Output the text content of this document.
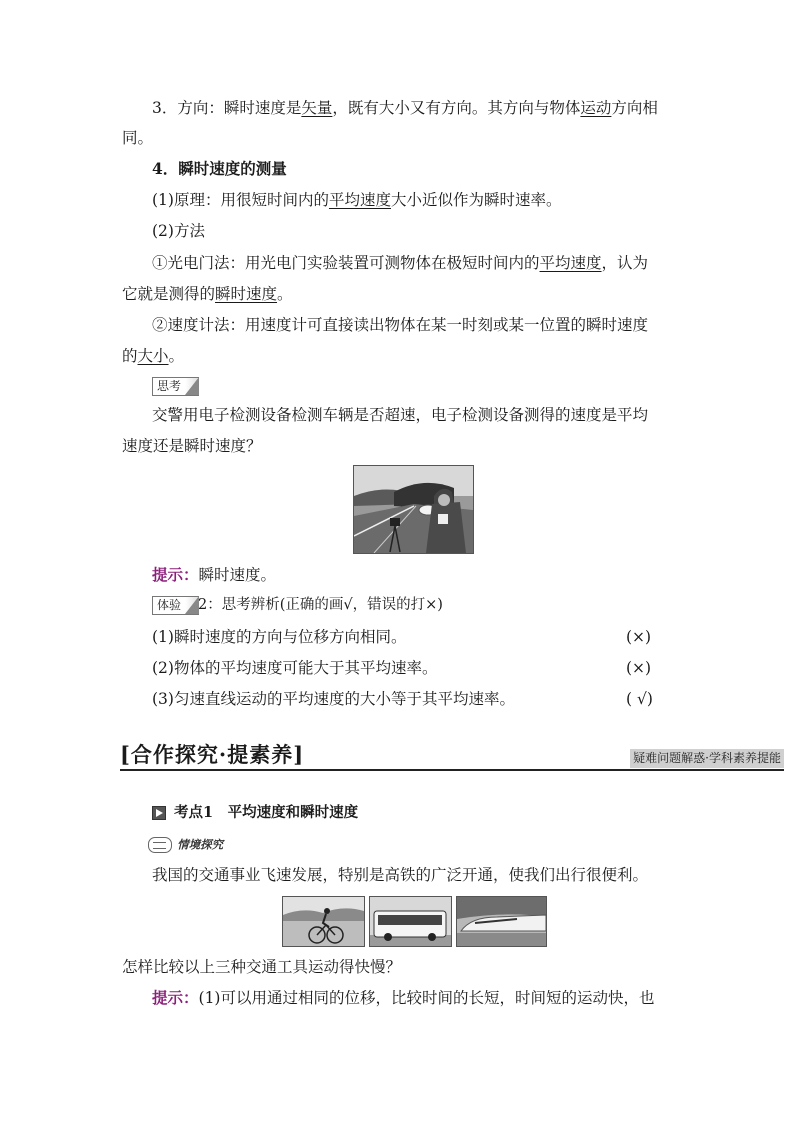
3．方向：瞬时速度是矢量，既有大小又有方向。其方向与物体运动方向相
同。
4．瞬时速度的测量
(1)原理：用很短时间内的平均速度大小近似作为瞬时速率。
(2)方法
①光电门法：用光电门实验装置可测物体在极短时间内的平均速度，认为
它就是测得的瞬时速度。
②速度计法：用速度计可直接读出物体在某一时刻或某一位置的瞬时速度
的大小。
思考
交警用电子检测设备检测车辆是否超速，电子检测设备测得的速度是平均
速度还是瞬时速度？
提示：瞬时速度。
体验	2：思考辨析(正确的画√，错误的打×)
(1)瞬时速度的方向与位移方向相同。	(×)
(2)物体的平均速度可能大于其平均速率。	(×)
(3)匀速直线运动的平均速度的大小等于其平均速率。	( √)
[合作探究·提素养]	疑难问题解惑·学科素养提能
考点1　平均速度和瞬时速度
情境探究
我国的交通事业飞速发展，特别是高铁的广泛开通，使我们出行很便利。
怎样比较以上三种交通工具运动得快慢？
提示：(1)可以用通过相同的位移，比较时间的长短，时间短的运动快，也
